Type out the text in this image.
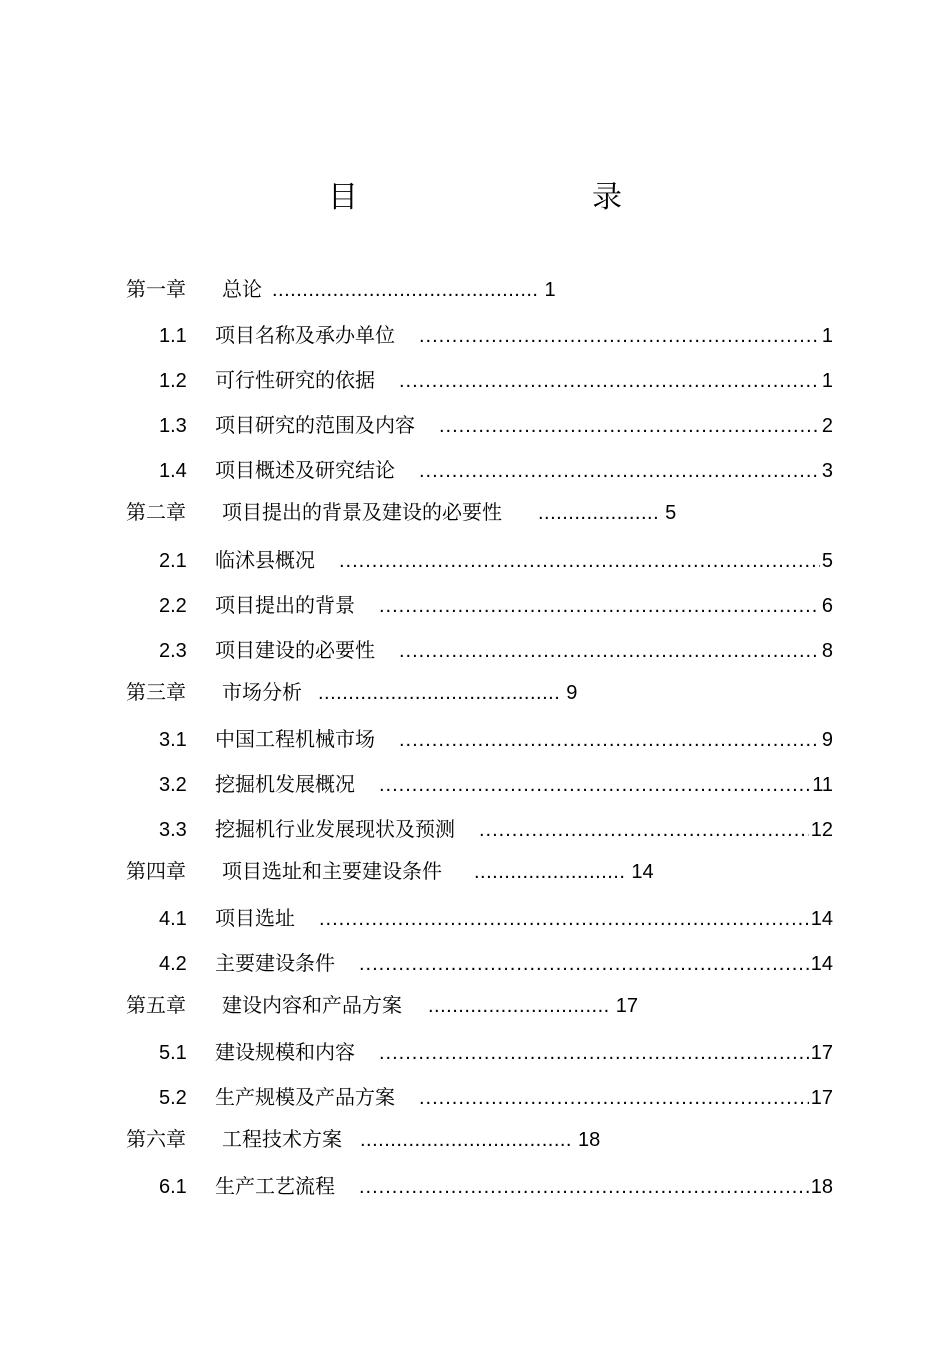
目　　录
第一章 总论 ............................................ 1
1.1	项目名称及承办单位 .....	1
1.2	可行性研究的依据 .....	1
1.3	项目研究的范围及内容 .....	2
1.4	项目概述及研究结论 .....	3
第二章 项目提出的背景及建设的必要性 .................... 5
2.1	临沭县概况 .....	5
2.2	项目提出的背景 .....	6
2.3	项目建设的必要性 .....	8
第三章 市场分析 ........................................ 9
3.1	中国工程机械市场 .....	9
3.2	挖掘机发展概况 .....	11
3.3	挖掘机行业发展现状及预测 .....	12
第四章 项目选址和主要建设条件 ......................... 14
4.1	项目选址 .....	14
4.2	主要建设条件 .....	14
第五章 建设内容和产品方案 .............................. 17
5.1	建设规模和内容 .....	17
5.2	生产规模及产品方案 .....	17
第六章 工程技术方案 ................................... 18
6.1	生产工艺流程 .....	18
